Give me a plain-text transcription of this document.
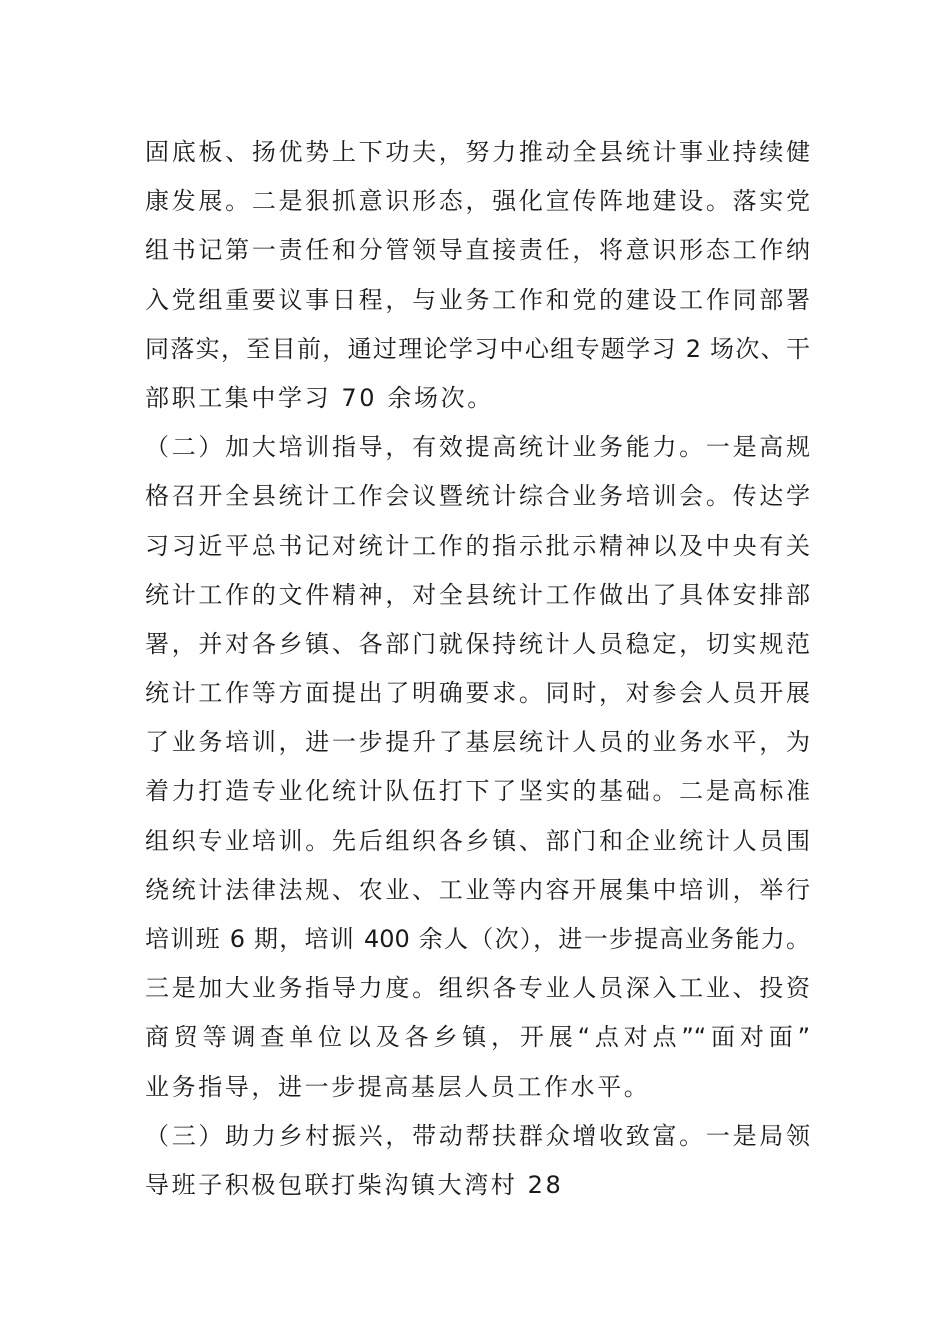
固底板、扬优势上下功夫，努力推动全县统计事业持续健
康发展。二是狠抓意识形态，强化宣传阵地建设。落实党
组书记第一责任和分管领导直接责任，将意识形态工作纳
入党组重要议事日程，与业务工作和党的建设工作同部署
同落实，至目前，通过理论学习中心组专题学习 2 场次、干
部职工集中学习 70 余场次。
（二）加大培训指导，有效提高统计业务能力。一是高规
格召开全县统计工作会议暨统计综合业务培训会。传达学
习习近平总书记对统计工作的指示批示精神以及中央有关
统计工作的文件精神，对全县统计工作做出了具体安排部
署，并对各乡镇、各部门就保持统计人员稳定，切实规范
统计工作等方面提出了明确要求。同时，对参会人员开展
了业务培训，进一步提升了基层统计人员的业务水平，为
着力打造专业化统计队伍打下了坚实的基础。二是高标准
组织专业培训。先后组织各乡镇、部门和企业统计人员围
绕统计法律法规、农业、工业等内容开展集中培训，举行
培训班 6 期，培训 400 余人（次），进一步提高业务能力。
三是加大业务指导力度。组织各专业人员深入工业、投资
商贸等调查单位以及各乡镇，开展“点对点”“面对面”
业务指导，进一步提高基层人员工作水平。
（三）助力乡村振兴，带动帮扶群众增收致富。一是局领
导班子积极包联打柴沟镇大湾村 28
